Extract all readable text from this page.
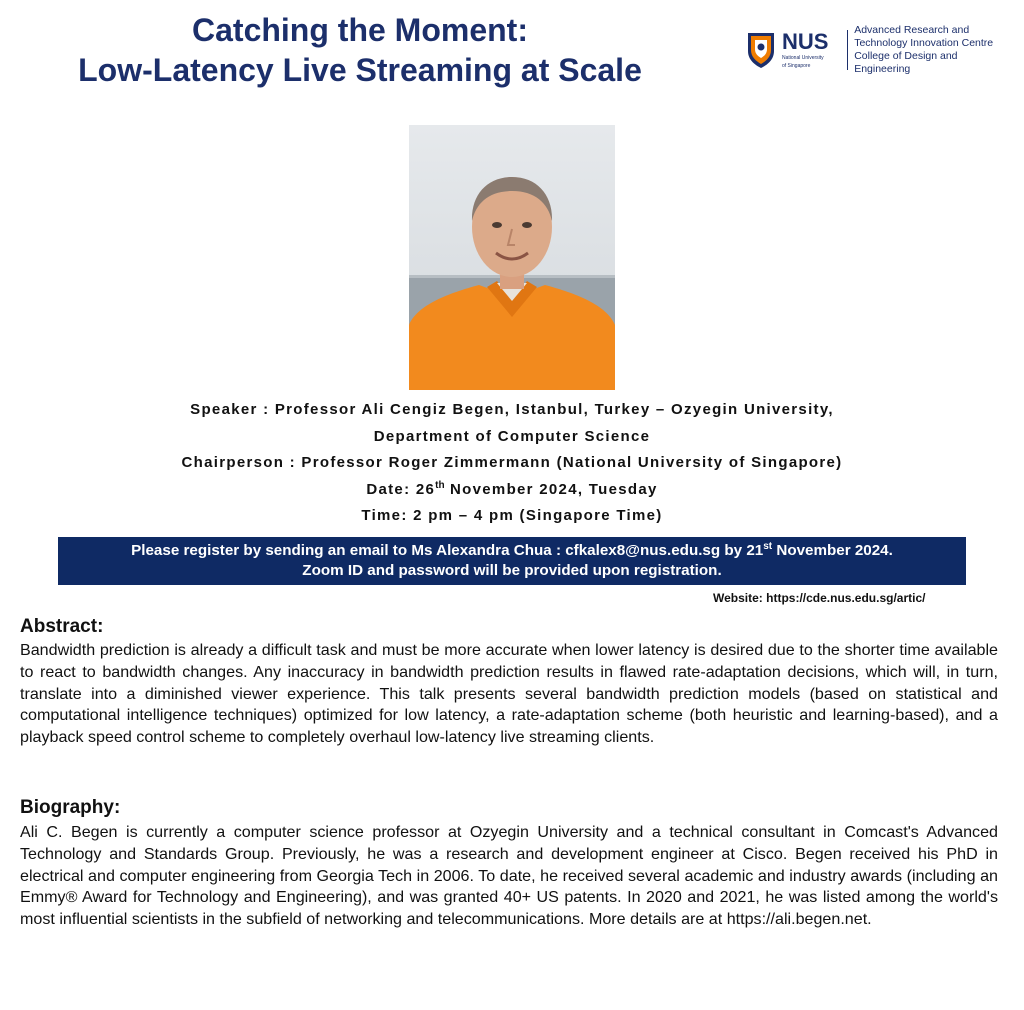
Catching the Moment:
Low-Latency Live Streaming at Scale
NUS
National University
of Singapore
Advanced Research and
Technology Innovation Centre
College of Design and Engineering
Speaker : Professor Ali Cengiz Begen, Istanbul, Turkey – Ozyegin University,
Department of Computer Science
Chairperson : Professor Roger Zimmermann (National University of Singapore)
Date: 26th November 2024, Tuesday
Time: 2 pm – 4 pm (Singapore Time)
Please register by sending an email to Ms Alexandra Chua : cfkalex8@nus.edu.sg by 21st November 2024.
Zoom ID and password will be provided upon registration.
Website: https://cde.nus.edu.sg/artic/
Abstract:
Bandwidth prediction is already a difficult task and must be more accurate when lower latency is desired due to the shorter time available to react to bandwidth changes. Any inaccuracy in bandwidth prediction results in flawed rate-adaptation decisions, which will, in turn, translate into a diminished viewer experience. This talk presents several bandwidth prediction models (based on statistical and computational intelligence techniques) optimized for low latency, a rate-adaptation scheme (both heuristic and learning-based), and a playback speed control scheme to completely overhaul low-latency live streaming clients.
Biography:
Ali C. Begen is currently a computer science professor at Ozyegin University and a technical consultant in Comcast's Advanced Technology and Standards Group. Previously, he was a research and development engineer at Cisco. Begen received his PhD in electrical and computer engineering from Georgia Tech in 2006. To date, he received several academic and industry awards (including an Emmy® Award for Technology and Engineering), and was granted 40+ US patents. In 2020 and 2021, he was listed among the world's most influential scientists in the subfield of networking and telecommunications. More details are at https://ali.begen.net.
